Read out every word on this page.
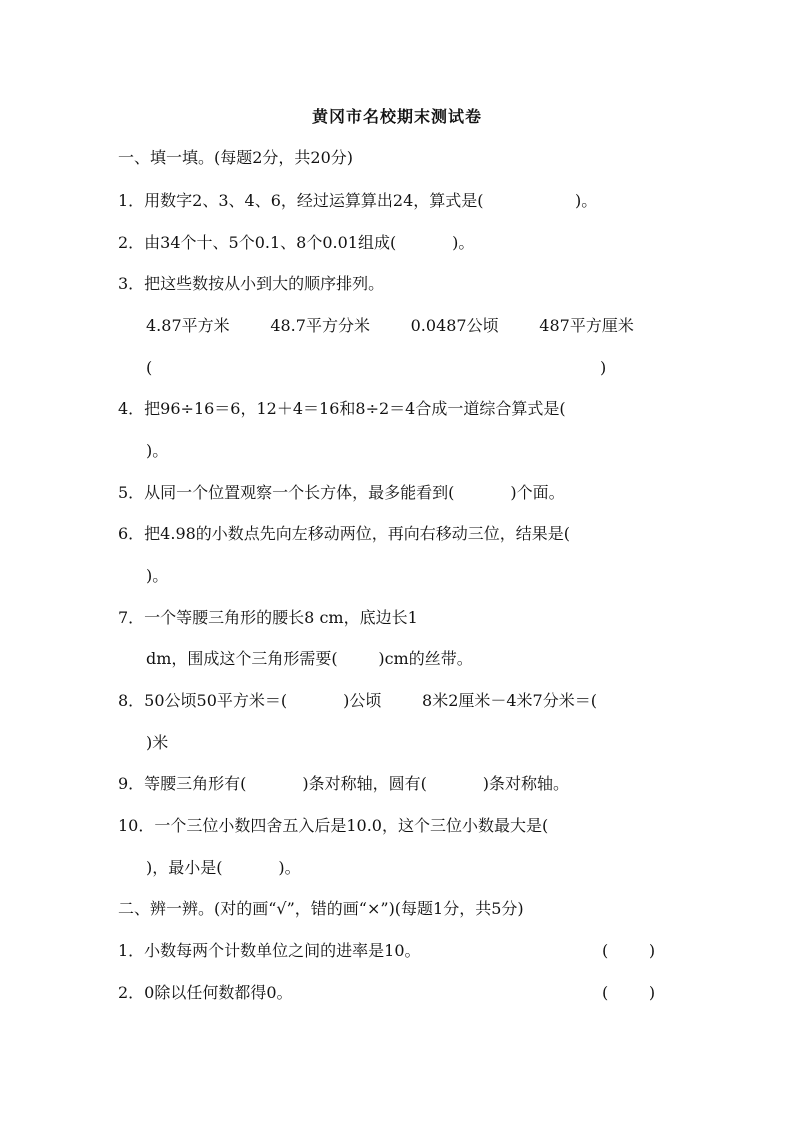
黄冈市名校期末测试卷
一、填一填。(每题2分，共20分)
1．用数字2、3、4、6，经过运算算出24，算式是(                  )。
2．由34个十、5个0.1、8个0.01组成(           )。
3．把这些数按从小到大的顺序排列。
4.87平方米        48.7平方分米        0.0487公顷        487平方厘米
(	)
4．把96÷16＝6，12＋4＝16和8÷2＝4合成一道综合算式是(
)。
5．从同一个位置观察一个长方体，最多能看到(           )个面。
6．把4.98的小数点先向左移动两位，再向右移动三位，结果是(
)。
7．一个等腰三角形的腰长8 cm，底边长1
dm，围成这个三角形需要(        )cm的丝带。
8．50公顷50平方米＝(           )公顷        8米2厘米－4米7分米＝(
)米
9．等腰三角形有(           )条对称轴，圆有(           )条对称轴。
10．一个三位小数四舍五入后是10.0，这个三位小数最大是(
)，最小是(           )。
二、辨一辨。(对的画“√”，错的画“×”)(每题1分，共5分)
1．小数每两个计数单位之间的进率是10。	(        )
2．0除以任何数都得0。	(        )
